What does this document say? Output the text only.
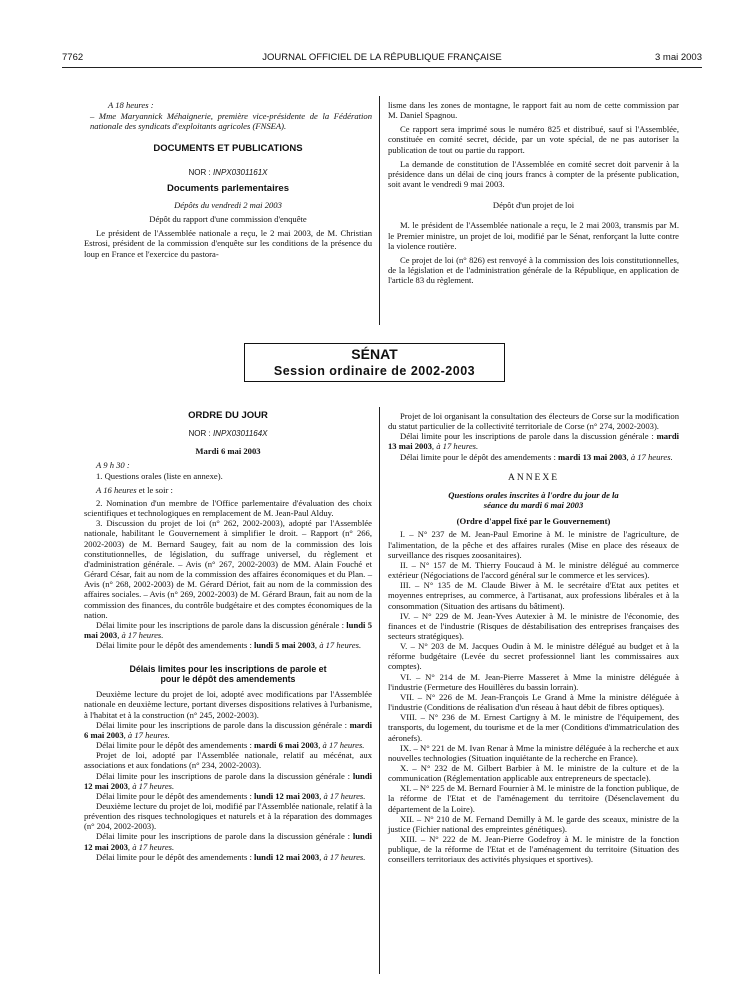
7762	JOURNAL OFFICIEL DE LA RÉPUBLIQUE FRANÇAISE	3 mai 2003

A 18 heures :

– Mme Maryannick Méhaignerie, première vice-présidente de la Fédération nationale des syndicats d'exploitants agricoles (FNSEA).

DOCUMENTS ET PUBLICATIONS

NOR : INPX0301161X

Documents parlementaires

Dépôts du vendredi 2 mai 2003

Dépôt du rapport d'une commission d'enquête

Le président de l'Assemblée nationale a reçu, le 2 mai 2003, de M. Christian Estrosi, président de la commission d'enquête sur les conditions de la présence du loup en France et l'exercice du pastora-

lisme dans les zones de montagne, le rapport fait au nom de cette commission par M. Daniel Spagnou.

Ce rapport sera imprimé sous le numéro 825 et distribué, sauf si l'Assemblée, constituée en comité secret, décide, par un vote spécial, de ne pas autoriser la publication de tout ou partie du rapport.

La demande de constitution de l'Assemblée en comité secret doit parvenir à la présidence dans un délai de cinq jours francs à compter de la présente publication, soit avant le vendredi 9 mai 2003.

Dépôt d'un projet de loi

M. le président de l'Assemblée nationale a reçu, le 2 mai 2003, transmis par M. le Premier ministre, un projet de loi, modifié par le Sénat, renforçant la lutte contre la violence routière.

Ce projet de loi (n° 826) est renvoyé à la commission des lois constitutionnelles, de la législation et de l'administration générale de la République, en application de l'article 83 du règlement.

SÉNAT
Session ordinaire de 2002-2003

ORDRE DU JOUR

NOR : INPX0301164X

Mardi 6 mai 2003

A 9 h 30 :

1. Questions orales (liste en annexe).

A 16 heures et le soir :

2. Nomination d'un membre de l'Office parlementaire d'évaluation des choix scientifiques et technologiques en remplacement de M. Jean-Paul Alduy.

3. Discussion du projet de loi (n° 262, 2002-2003), adopté par l'Assemblée nationale, habilitant le Gouvernement à simplifier le droit. – Rapport (n° 266, 2002-2003) de M. Bernard Saugey, fait au nom de la commission des lois constitutionnelles, de législation, du suffrage universel, du règlement et d'administration générale. – Avis (n° 267, 2002-2003) de MM. Alain Fouché et Gérard César, fait au nom de la commission des affaires économiques et du Plan. – Avis (n° 268, 2002-2003) de M. Gérard Dériot, fait au nom de la commission des affaires sociales. – Avis (n° 269, 2002-2003) de M. Gérard Braun, fait au nom de la commission des finances, du contrôle budgétaire et des comptes économiques de la nation.

Délai limite pour les inscriptions de parole dans la discussion générale : lundi 5 mai 2003, à 17 heures.

Délai limite pour le dépôt des amendements : lundi 5 mai 2003, à 17 heures.

Délais limites pour les inscriptions de parole et pour le dépôt des amendements

Deuxième lecture du projet de loi, adopté avec modifications par l'Assemblée nationale en deuxième lecture, portant diverses dispositions relatives à l'urbanisme, à l'habitat et à la construction (n° 245, 2002-2003).

Délai limite pour les inscriptions de parole dans la discussion générale : mardi 6 mai 2003, à 17 heures.

Délai limite pour le dépôt des amendements : mardi 6 mai 2003, à 17 heures.

Projet de loi, adopté par l'Assemblée nationale, relatif au mécénat, aux associations et aux fondations (n° 234, 2002-2003).

Délai limite pour les inscriptions de parole dans la discussion générale : lundi 12 mai 2003, à 17 heures.

Délai limite pour le dépôt des amendements : lundi 12 mai 2003, à 17 heures.

Deuxième lecture du projet de loi, modifié par l'Assemblée nationale, relatif à la prévention des risques technologiques et naturels et à la réparation des dommages (n° 204, 2002-2003).

Délai limite pour les inscriptions de parole dans la discussion générale : lundi 12 mai 2003, à 17 heures.

Délai limite pour le dépôt des amendements : lundi 12 mai 2003, à 17 heures.

Projet de loi organisant la consultation des électeurs de Corse sur la modification du statut particulier de la collectivité territoriale de Corse (n° 274, 2002-2003).

Délai limite pour les inscriptions de parole dans la discussion générale : mardi 13 mai 2003, à 17 heures.

Délai limite pour le dépôt des amendements : mardi 13 mai 2003, à 17 heures.

ANNEXE

Questions orales inscrites à l'ordre du jour de la séance du mardi 6 mai 2003

(Ordre d'appel fixé par le Gouvernement)

I. – N° 237 de M. Jean-Paul Emorine à M. le ministre de l'agriculture, de l'alimentation, de la pêche et des affaires rurales (Mise en place des réseaux de surveillance des risques zoosanitaires).

II. – N° 157 de M. Thierry Foucaud à M. le ministre délégué au commerce extérieur (Négociations de l'accord général sur le commerce et les services).

III. – N° 135 de M. Claude Biwer à M. le secrétaire d'Etat aux petites et moyennes entreprises, au commerce, à l'artisanat, aux professions libérales et à la consommation (Situation des artisans du bâtiment).

IV. – N° 229 de M. Jean-Yves Autexier à M. le ministre de l'économie, des finances et de l'industrie (Risques de déstabilisation des entreprises françaises des secteurs stratégiques).

V. – N° 203 de M. Jacques Oudin à M. le ministre délégué au budget et à la réforme budgétaire (Levée du secret professionnel liant les commissaires aux comptes).

VI. – N° 214 de M. Jean-Pierre Masseret à Mme la ministre déléguée à l'industrie (Fermeture des Houillères du bassin lorrain).

VII. – N° 226 de M. Jean-François Le Grand à Mme la ministre déléguée à l'industrie (Conditions de réalisation d'un réseau à haut débit de fibres optiques).

VIII. – N° 236 de M. Ernest Cartigny à M. le ministre de l'équipement, des transports, du logement, du tourisme et de la mer (Conditions d'immatriculation des aéronefs).

IX. – N° 221 de M. Ivan Renar à Mme la ministre déléguée à la recherche et aux nouvelles technologies (Situation inquiétante de la recherche en France).

X. – N° 232 de M. Gilbert Barbier à M. le ministre de la culture et de la communication (Réglementation applicable aux entrepreneurs de spectacle).

XI. – N° 225 de M. Bernard Fournier à M. le ministre de la fonction publique, de la réforme de l'Etat et de l'aménagement du territoire (Désenclavement du département de la Loire).

XII. – N° 210 de M. Fernand Demilly à M. le garde des sceaux, ministre de la justice (Fichier national des empreintes génétiques).

XIII. – N° 222 de M. Jean-Pierre Godefroy à M. le ministre de la fonction publique, de la réforme de l'Etat et de l'aménagement du territoire (Situation des conseillers territoriaux des activités physiques et sportives).
